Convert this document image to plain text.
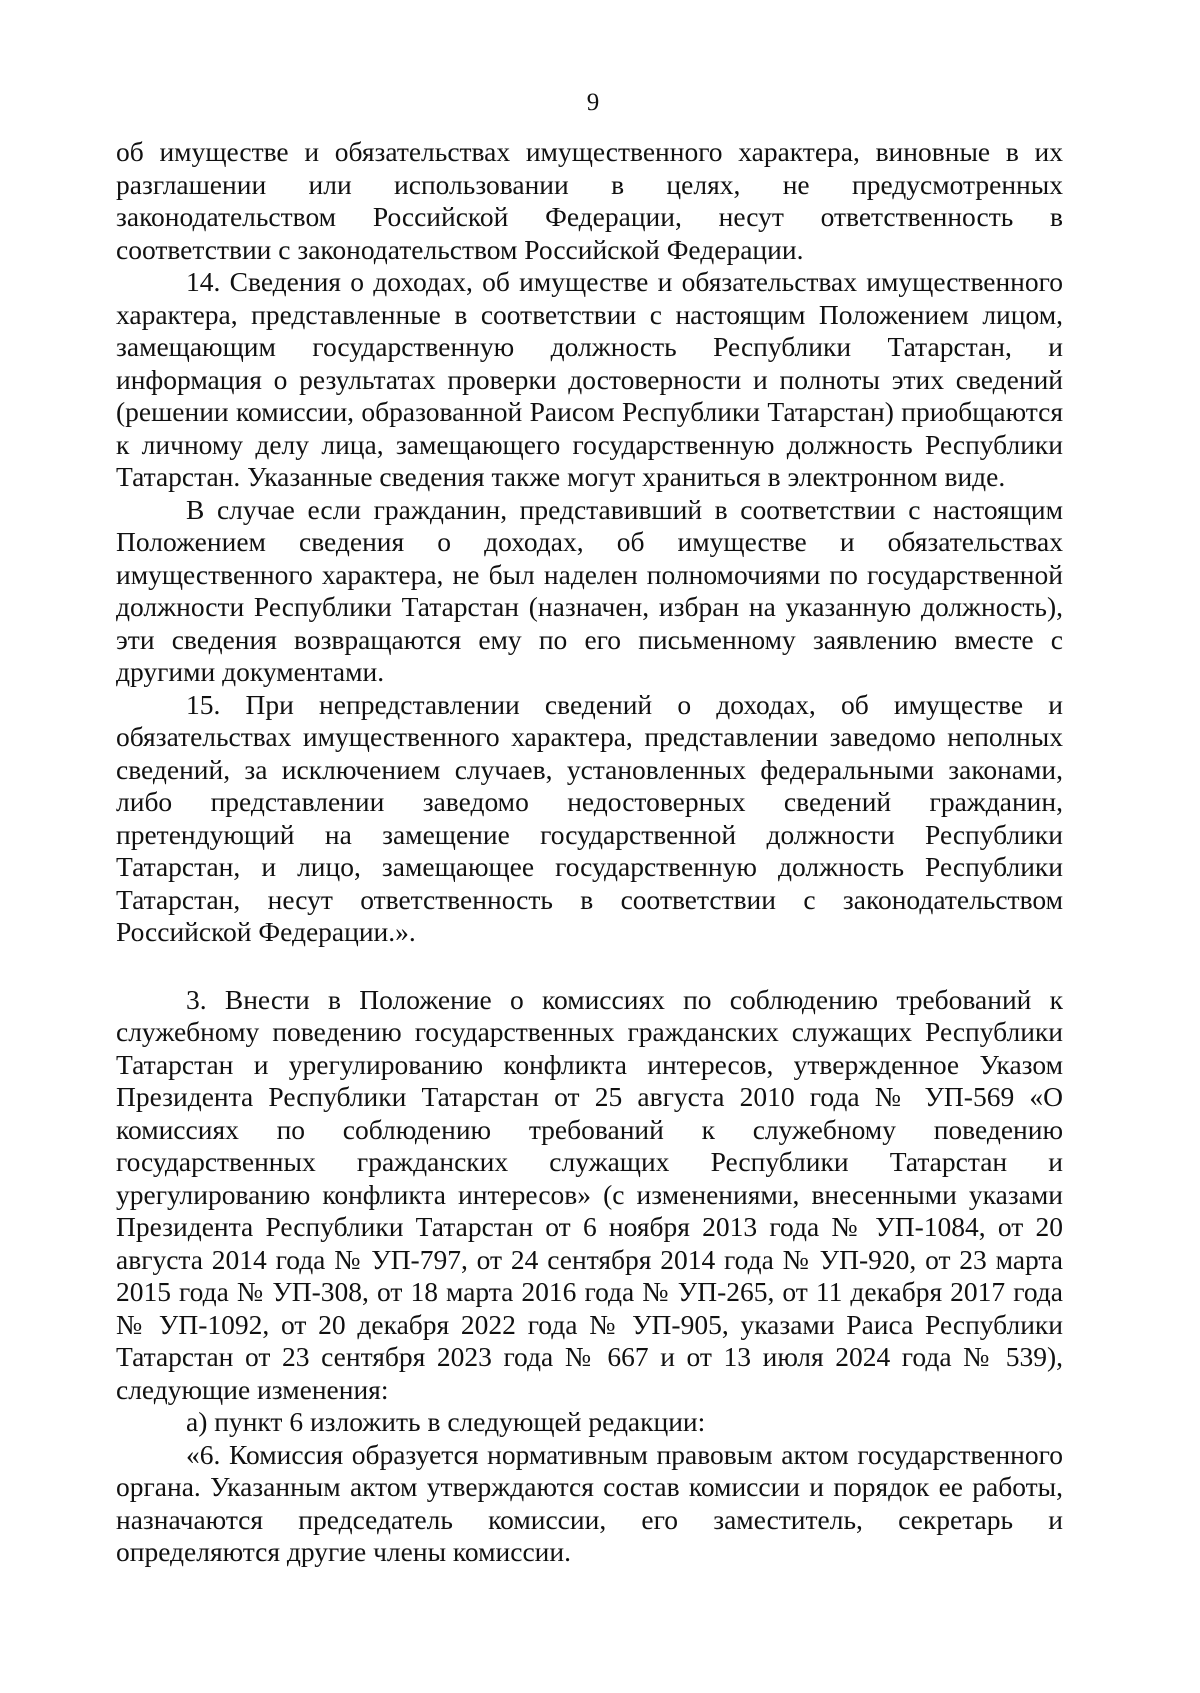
9

об имуществе и обязательствах имущественного характера, виновные в их разглашении или использовании в целях, не предусмотренных законодательством Российской Федерации, несут ответственность в соответствии с законодательством Российской Федерации.

14. Сведения о доходах, об имуществе и обязательствах имущественного характера, представленные в соответствии с настоящим Положением лицом, замещающим государственную должность Республики Татарстан, и информация о результатах проверки достоверности и полноты этих сведений (решении комиссии, образованной Раисом Республики Татарстан) приобщаются к личному делу лица, замещающего государственную должность Республики Татарстан. Указанные сведения также могут храниться в электронном виде.

В случае если гражданин, представивший в соответствии с настоящим Положением сведения о доходах, об имуществе и обязательствах имущественного характера, не был наделен полномочиями по государственной должности Республики Татарстан (назначен, избран на указанную должность), эти сведения возвращаются ему по его письменному заявлению вместе с другими документами.

15. При непредставлении сведений о доходах, об имуществе и обязательствах имущественного характера, представлении заведомо неполных сведений, за исключением случаев, установленных федеральными законами, либо представлении заведомо недостоверных сведений гражданин, претендующий на замещение государственной должности Республики Татарстан, и лицо, замещающее государственную должность Республики Татарстан, несут ответственность в соответствии с законодательством Российской Федерации.».

3. Внести в Положение о комиссиях по соблюдению требований к служебному поведению государственных гражданских служащих Республики Татарстан и урегулированию конфликта интересов, утвержденное Указом Президента Республики Татарстан от 25 августа 2010 года № УП-569 «О комиссиях по соблюдению требований к служебному поведению государственных гражданских служащих Республики Татарстан и урегулированию конфликта интересов» (с изменениями, внесенными указами Президента Республики Татарстан от 6 ноября 2013 года № УП-1084, от 20 августа 2014 года № УП-797, от 24 сентября 2014 года № УП-920, от 23 марта 2015 года № УП-308, от 18 марта 2016 года № УП-265, от 11 декабря 2017 года № УП-1092, от 20 декабря 2022 года № УП-905, указами Раиса Республики Татарстан от 23 сентября 2023 года № 667 и от 13 июля 2024 года № 539), следующие изменения:

а) пункт 6 изложить в следующей редакции:

«6. Комиссия образуется нормативным правовым актом государственного органа. Указанным актом утверждаются состав комиссии и порядок ее работы, назначаются председатель комиссии, его заместитель, секретарь и определяются другие члены комиссии.
